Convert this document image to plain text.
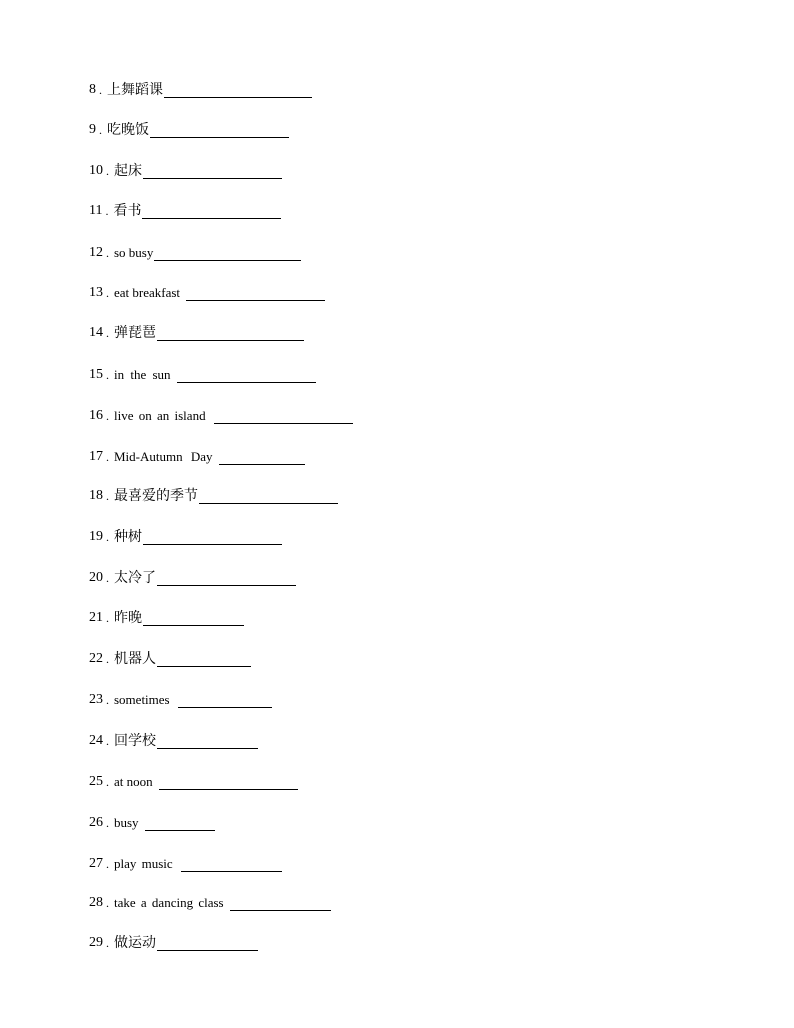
8 . 上舞蹈课
9 . 吃晚饭
10 . 起床
11 . 看书
12 . so busy
13 . eat breakfast
14 . 弹琵琶
15 . in the sun
16 . live on an island
17 . Mid-Autumn Day
18 . 最喜爱的季节
19 . 种树
20 . 太冷了
21 . 昨晚
22 . 机器人
23 . sometimes
24 . 回学校
25 . at noon
26 . busy
27 . play music
28 . take a dancing class
29 . 做运动
